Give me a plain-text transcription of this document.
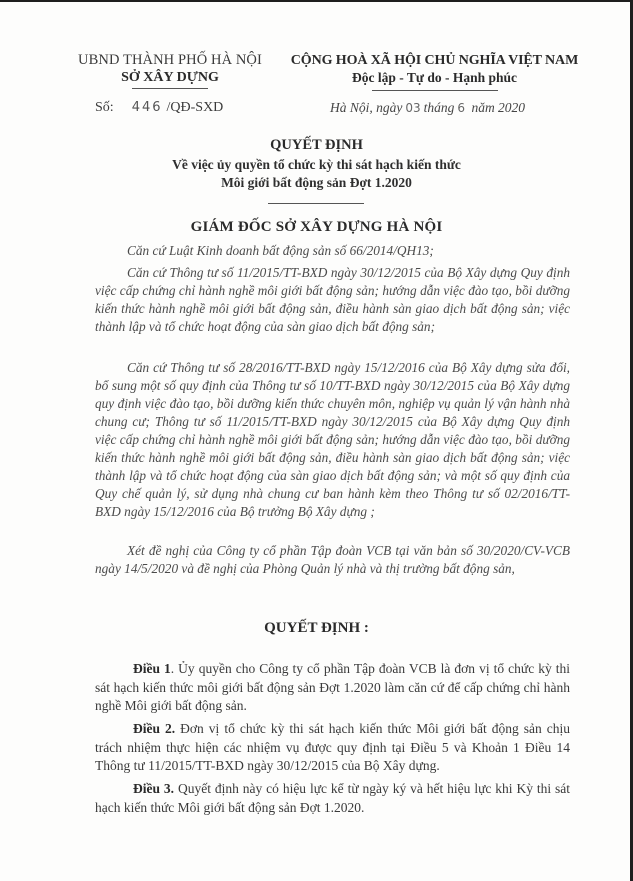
UBND THÀNH PHỐ HÀ NỘI
SỞ XÂY DỰNG
Số: 446 /QĐ-SXD
CỘNG HOÀ XÃ HỘI CHỦ NGHĨA VIỆT NAM
Độc lập - Tự do - Hạnh phúc
Hà Nội, ngày 03 tháng 6 năm 2020
QUYẾT ĐỊNH
Về việc ủy quyền tổ chức kỳ thi sát hạch kiến thức
Môi giới bất động sản Đợt 1.2020
GIÁM ĐỐC SỞ XÂY DỰNG HÀ NỘI
Căn cứ Luật Kinh doanh bất động sản số 66/2014/QH13;
Căn cứ Thông tư số 11/2015/TT-BXD ngày 30/12/2015 của Bộ Xây dựng Quy định việc cấp chứng chỉ hành nghề môi giới bất động sản; hướng dẫn việc đào tạo, bồi dưỡng kiến thức hành nghề môi giới bất động sản, điều hành sàn giao dịch bất động sản; việc thành lập và tổ chức hoạt động của sàn giao dịch bất động sản;
Căn cứ Thông tư số 28/2016/TT-BXD ngày 15/12/2016 của Bộ Xây dựng sửa đổi, bổ sung một số quy định của Thông tư số 10/TT-BXD ngày 30/12/2015 của Bộ Xây dựng quy định việc đào tạo, bồi dưỡng kiến thức chuyên môn, nghiệp vụ quản lý vận hành nhà chung cư; Thông tư số 11/2015/TT-BXD ngày 30/12/2015 của Bộ Xây dựng Quy định việc cấp chứng chỉ hành nghề môi giới bất động sản; hướng dẫn việc đào tạo, bồi dưỡng kiến thức hành nghề môi giới bất động sản, điều hành sàn giao dịch bất động sản; việc thành lập và tổ chức hoạt động của sàn giao dịch bất động sản; và một số quy định của Quy chế quản lý, sử dụng nhà chung cư ban hành kèm theo Thông tư số 02/2016/TT-BXD ngày 15/12/2016 của Bộ trưởng Bộ Xây dựng ;
Xét đề nghị của Công ty cổ phần Tập đoàn VCB tại văn bản số 30/2020/CV-VCB ngày 14/5/2020 và đề nghị của Phòng Quản lý nhà và thị trường bất động sản,
QUYẾT ĐỊNH :
Điều 1. Ủy quyền cho Công ty cổ phần Tập đoàn VCB là đơn vị tổ chức kỳ thi sát hạch kiến thức môi giới bất động sản Đợt 1.2020 làm căn cứ để cấp chứng chỉ hành nghề Môi giới bất động sản.
Điều 2. Đơn vị tổ chức kỳ thi sát hạch kiến thức Môi giới bất động sản chịu trách nhiệm thực hiện các nhiệm vụ được quy định tại Điều 5 và Khoản 1 Điều 14 Thông tư 11/2015/TT-BXD ngày 30/12/2015 của Bộ Xây dựng.
Điều 3. Quyết định này có hiệu lực kể từ ngày ký và hết hiệu lực khi Kỳ thi sát hạch kiến thức Môi giới bất động sản Đợt 1.2020.
